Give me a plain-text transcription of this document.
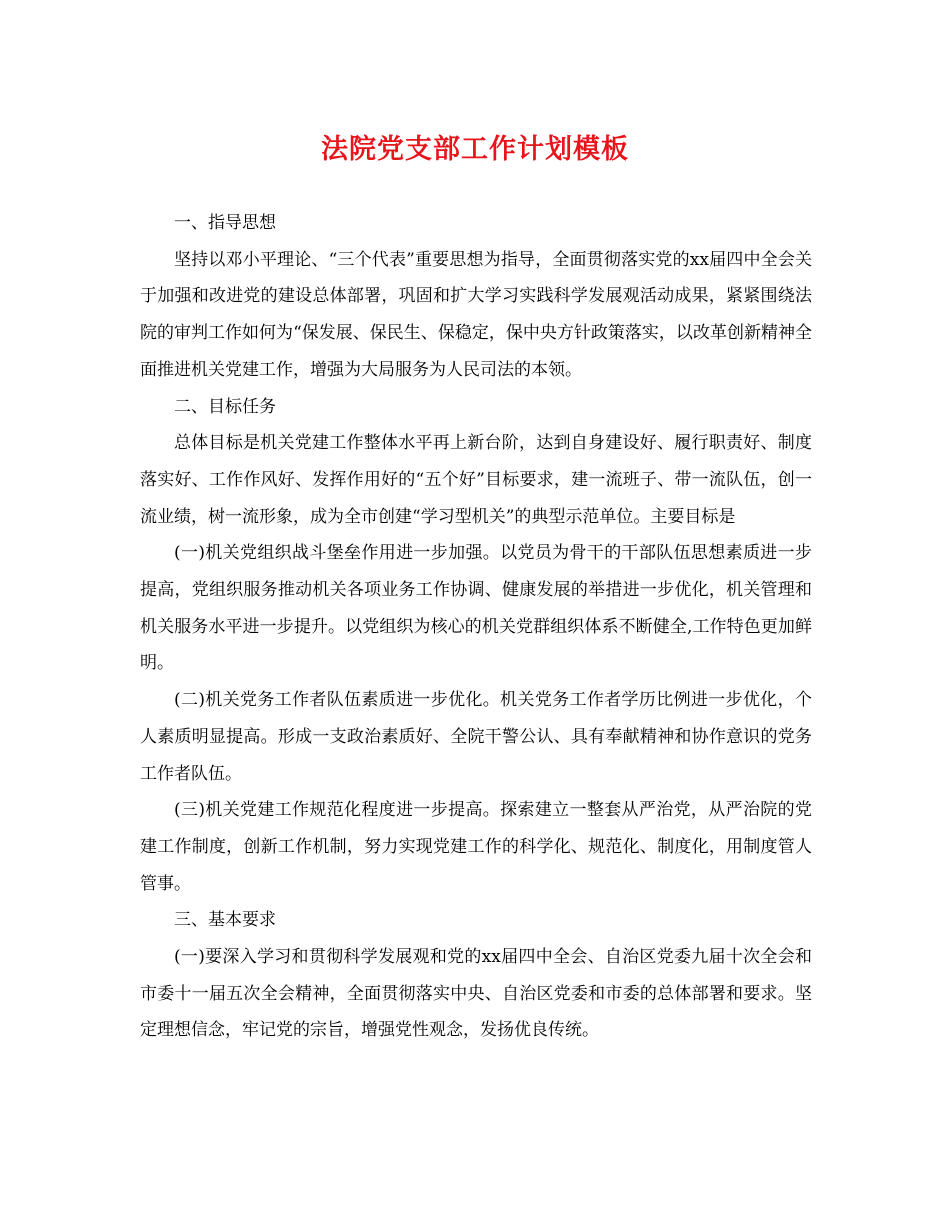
法院党支部工作计划模板

一、指导思想

坚持以邓小平理论、“三个代表”重要思想为指导，全面贯彻落实党的xx届四中全会关于加强和改进党的建设总体部署，巩固和扩大学习实践科学发展观活动成果，紧紧围绕法院的审判工作如何为“保发展、保民生、保稳定，保中央方针政策落实，以改革创新精神全面推进机关党建工作，增强为大局服务为人民司法的本领。

二、目标任务

总体目标是机关党建工作整体水平再上新台阶，达到自身建设好、履行职责好、制度落实好、工作作风好、发挥作用好的“五个好”目标要求，建一流班子、带一流队伍，创一流业绩，树一流形象，成为全市创建“学习型机关”的典型示范单位。主要目标是

(一)机关党组织战斗堡垒作用进一步加强。以党员为骨干的干部队伍思想素质进一步提高，党组织服务推动机关各项业务工作协调、健康发展的举措进一步优化，机关管理和机关服务水平进一步提升。以党组织为核心的机关党群组织体系不断健全,工作特色更加鲜明。

(二)机关党务工作者队伍素质进一步优化。机关党务工作者学历比例进一步优化，个人素质明显提高。形成一支政治素质好、全院干警公认、具有奉献精神和协作意识的党务工作者队伍。

(三)机关党建工作规范化程度进一步提高。探索建立一整套从严治党，从严治院的党建工作制度，创新工作机制，努力实现党建工作的科学化、规范化、制度化，用制度管人管事。

三、基本要求

(一)要深入学习和贯彻科学发展观和党的xx届四中全会、自治区党委九届十次全会和市委十一届五次全会精神，全面贯彻落实中央、自治区党委和市委的总体部署和要求。坚定理想信念，牢记党的宗旨，增强党性观念，发扬优良传统。
